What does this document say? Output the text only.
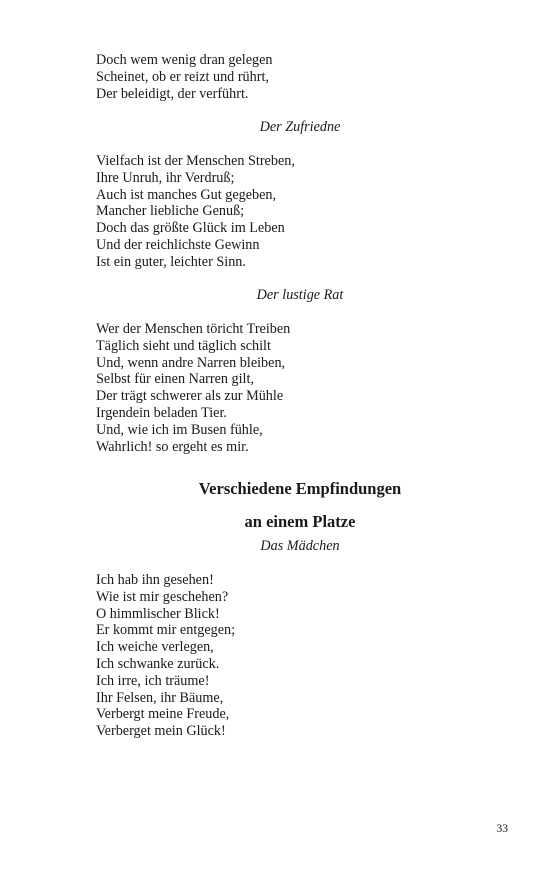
Doch wem wenig dran gelegen
Scheinet, ob er reizt und rührt,
Der beleidigt, der verführt.
Der Zufriedne
Vielfach ist der Menschen Streben,
Ihre Unruh, ihr Verdruß;
Auch ist manches Gut gegeben,
Mancher liebliche Genuß;
Doch das größte Glück im Leben
Und der reichlichste Gewinn
Ist ein guter, leichter Sinn.
Der lustige Rat
Wer der Menschen töricht Treiben
Täglich sieht und täglich schilt
Und, wenn andre Narren bleiben,
Selbst für einen Narren gilt,
Der trägt schwerer als zur Mühle
Irgendein beladen Tier.
Und, wie ich im Busen fühle,
Wahrlich! so ergeht es mir.
Verschiedene Empfindungen
an einem Platze
Das Mädchen
Ich hab ihn gesehen!
Wie ist mir geschehen?
O himmlischer Blick!
Er kommt mir entgegen;
Ich weiche verlegen,
Ich schwanke zurück.
Ich irre, ich träume!
Ihr Felsen, ihr Bäume,
Verbergt meine Freude,
Verberget mein Glück!
33
